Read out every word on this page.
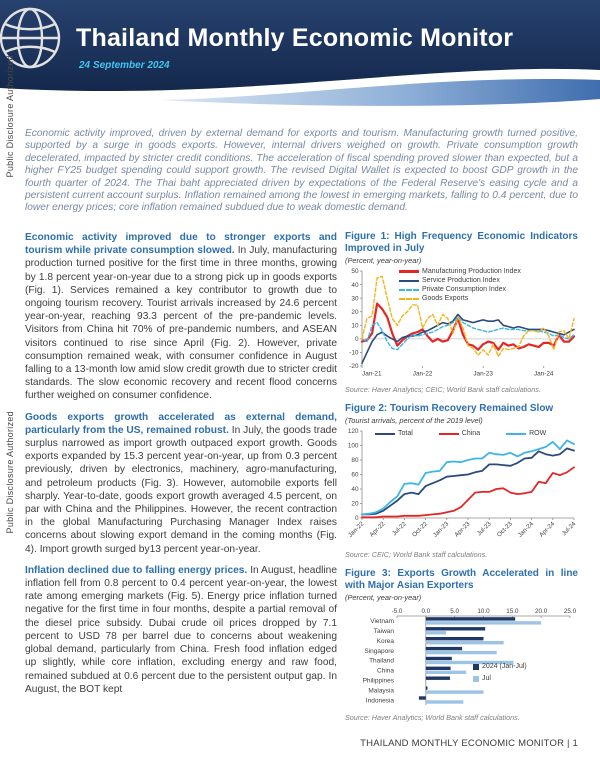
Thailand Monthly Economic Monitor
24 September 2024
Public Disclosure Authorized
Public Disclosure Authorized
Economic activity improved, driven by external demand for exports and tourism. Manufacturing growth turned positive, supported by a surge in goods exports. However, internal drivers weighed on growth. Private consumption growth decelerated, impacted by stricter credit conditions. The acceleration of fiscal spending proved slower than expected, but a higher FY25 budget spending could support growth. The revised Digital Wallet is expected to boost GDP growth in the fourth quarter of 2024. The Thai baht appreciated driven by expectations of the Federal Reserve's easing cycle and a persistent current account surplus. Inflation remained among the lowest in emerging markets, falling to 0.4 percent, due to lower energy prices; core inflation remained subdued due to weak domestic demand.

Economic activity improved due to stronger exports and tourism while private consumption slowed. In July, manufacturing production turned positive for the first time in three months, growing by 1.8 percent year-on-year due to a strong pick up in goods exports (Fig. 1). Services remained a key contributor to growth due to ongoing tourism recovery. Tourist arrivals increased by 24.6 percent year-on-year, reaching 93.3 percent of the pre-pandemic levels. Visitors from China hit 70% of pre-pandemic numbers, and ASEAN visitors continued to rise since April (Fig. 2). However, private consumption remained weak, with consumer confidence in August falling to a 13-month low amid slow credit growth due to stricter credit standards. The slow economic recovery and recent flood concerns further weighed on consumer confidence.

Goods exports growth accelerated as external demand, particularly from the US, remained robust. In July, the goods trade surplus narrowed as import growth outpaced export growth. Goods exports expanded by 15.3 percent year-on-year, up from 0.3 percent previously, driven by electronics, machinery, agro-manufacturing, and petroleum products (Fig. 3). However, automobile exports fell sharply. Year-to-date, goods export growth averaged 4.5 percent, on par with China and the Philippines. However, the recent contraction in the global Manufacturing Purchasing Manager Index raises concerns about slowing export demand in the coming months (Fig. 4). Import growth surged by13 percent year-on-year.

Inflation declined due to falling energy prices. In August, headline inflation fell from 0.8 percent to 0.4 percent year-on-year, the lowest rate among emerging markets (Fig. 5). Energy price inflation turned negative for the first time in four months, despite a partial removal of the diesel price subsidy. Dubai crude oil prices dropped by 7.1 percent to USD 78 per barrel due to concerns about weakening global demand, particularly from China. Fresh food inflation edged up slightly, while core inflation, excluding energy and raw food, remained subdued at 0.6 percent due to the persistent output gap. In August, the BOT kept

Figure 1: High Frequency Economic Indicators Improved in July

(Percent, year-on-year)
-20
-10
0
10
20
30
40
50
Jan-21	Jan-22	Jan-23	Jan-24
Manufacturing Production Index
Service Production Index
Private Consumption Index
Goods Exports
Source: Haver Analytics; CEIC; World Bank staff calculations.

Figure 2: Tourism Recovery Remained Slow

(Tourist arrivals, percent of the 2019 level)
0
20
40
60
80
100
120
Jan-22 Apr-22 Jul-22 Oct-22 Jan-23 Apr-23 Jul-23 Oct-23 Jan-24 Apr-24 Jul-24
Total	China	ROW
Source: CEIC; World Bank staff calculations.

Figure 3: Exports Growth Accelerated in line with Major Asian Exporters

(Percent, year-on-year)
-5.0	0.0	5.0	10.0	15.0	20.0	25.0
Vietnam
Taiwan
Korea
Singapore
Thailand
China
Philippines
Malaysia
Indonesia
2024 (Jan-Jul)
Jul
Source: Haver Analytics; World Bank staff calculations.
THAILAND MONTHLY ECONOMIC MONITOR | 1
